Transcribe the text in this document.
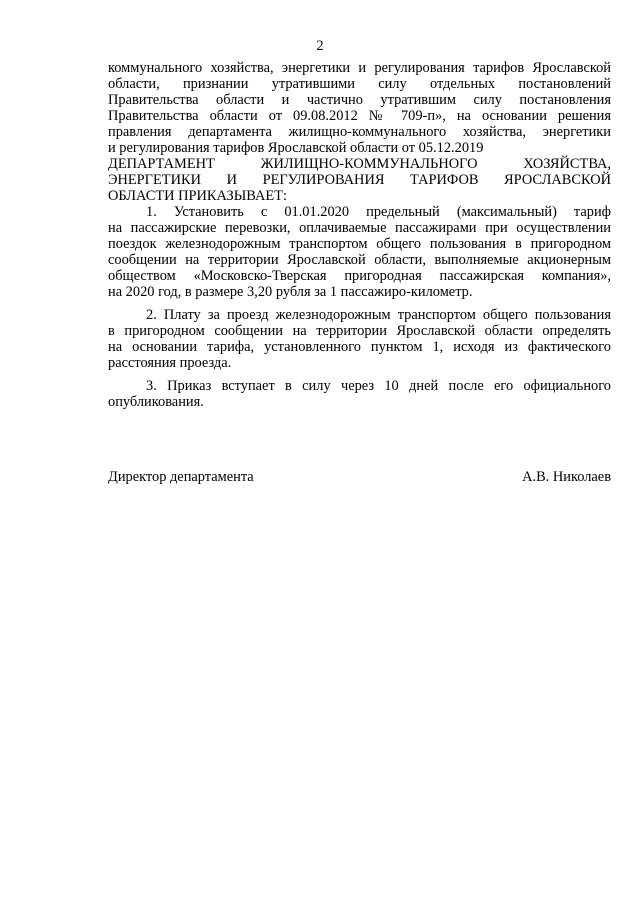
2
коммунального хозяйства, энергетики и регулирования тарифов Ярославской
области, признании утратившими силу отдельных постановлений
Правительства области и частично утратившим силу постановления
Правительства области от 09.08.2012 № 709-п», на основании решения
правления департамента жилищно-коммунального хозяйства, энергетики
и регулирования тарифов Ярославской области от 05.12.2019
ДЕПАРТАМЕНТ ЖИЛИЩНО-КОММУНАЛЬНОГО ХОЗЯЙСТВА,
ЭНЕРГЕТИКИ И РЕГУЛИРОВАНИЯ ТАРИФОВ ЯРОСЛАВСКОЙ
ОБЛАСТИ ПРИКАЗЫВАЕТ:
1. Установить с 01.01.2020 предельный (максимальный) тариф
на пассажирские перевозки, оплачиваемые пассажирами при осуществлении
поездок железнодорожным транспортом общего пользования в пригородном
сообщении на территории Ярославской области, выполняемые акционерным
обществом «Московско-Тверская пригородная пассажирская компания»,
на 2020 год, в размере 3,20 рубля за 1 пассажиро-километр.
2. Плату за проезд железнодорожным транспортом общего пользования
в пригородном сообщении на территории Ярославской области определять
на основании тарифа, установленного пунктом 1, исходя из фактического
расстояния проезда.
3. Приказ вступает в силу через 10 дней после его официального
опубликования.
Директор департамента	А.В. Николаев
